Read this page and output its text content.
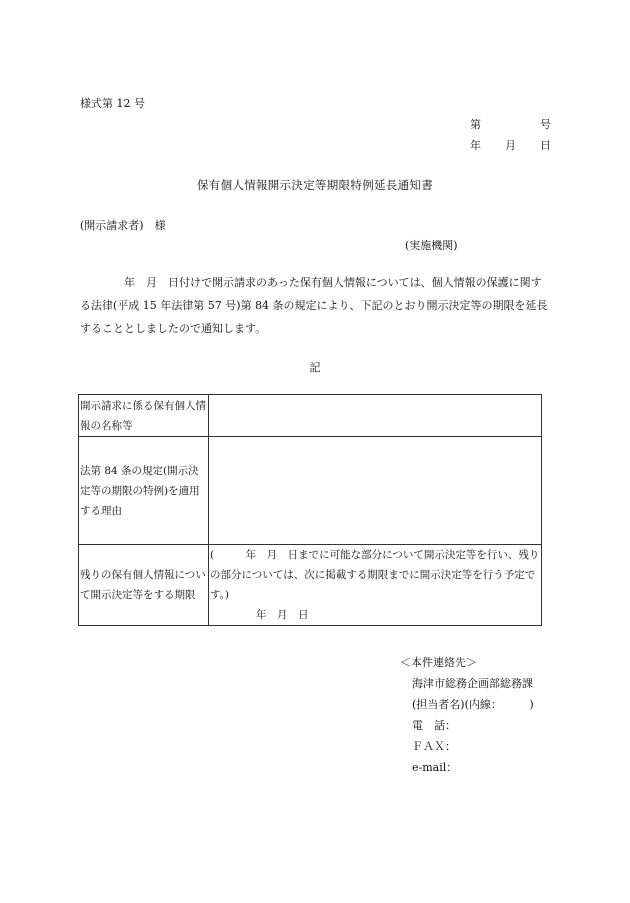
様式第 12 号
第	号
年 月 日
保有個人情報開示決定等期限特例延長通知書
(開示請求者)　様
(実施機関)
年　月　日付けで開示請求のあった保有個人情報については、個人情報の保護に関する法律(平成 15 年法律第 57 号)第 84 条の規定により、下記のとおり開示決定等の期限を延長することとしましたので通知します。
記
開示請求に係る保有個人情報の名称等	
法第 84 条の規定(開示決定等の期限の特例)を適用する理由	
残りの保有個人情報について開示決定等をする期限	(　　　年　月　日までに可能な部分について開示決定等を行い、残りの部分については、次に掲載する期限までに開示決定等を行う予定です。)
年　月　日
＜本件連絡先＞
海津市総務企画部総務課
(担当者名)(内線：　　　)
電　話：
ＦＡＸ：
e-mail：
